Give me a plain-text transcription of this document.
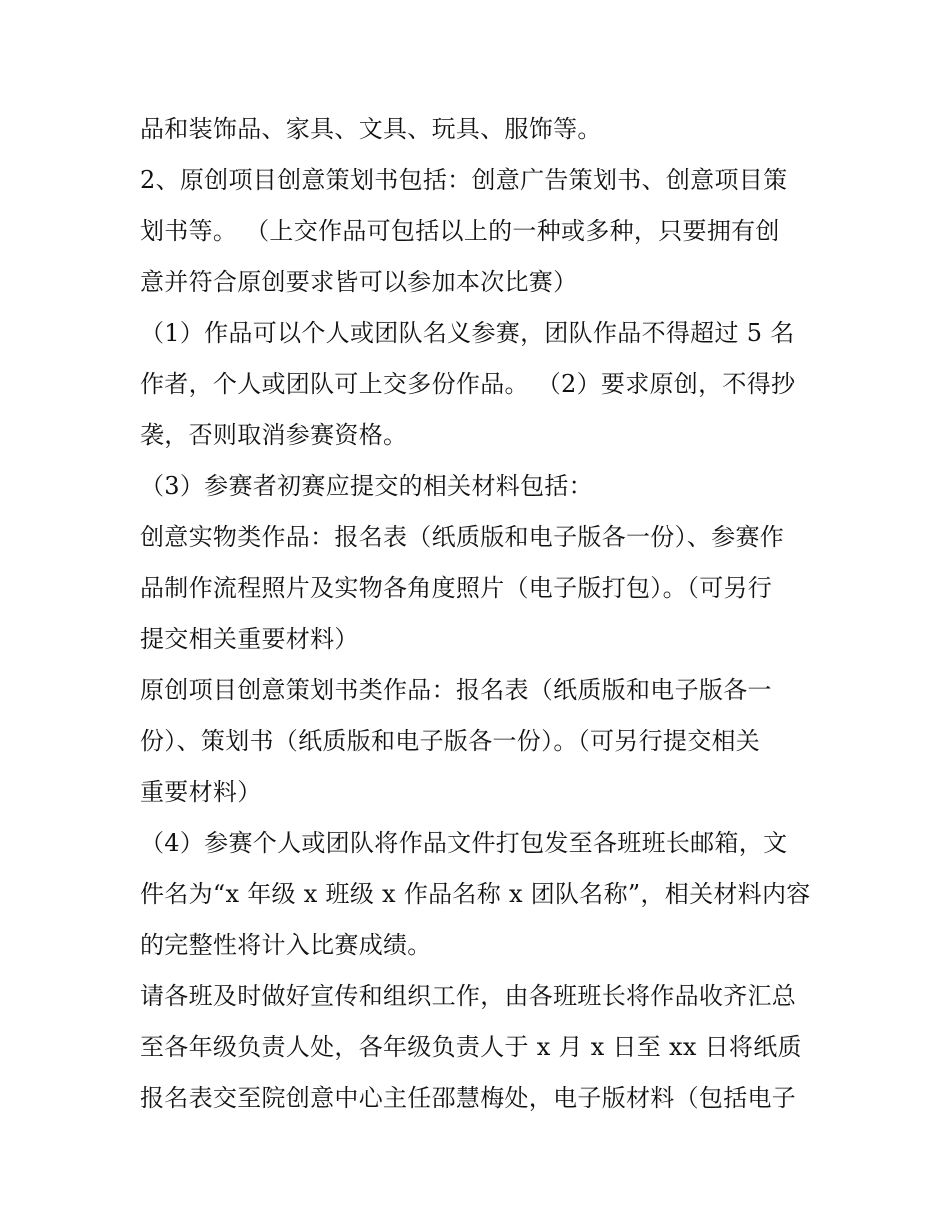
品和装饰品、家具、文具、玩具、服饰等。
2、原创项目创意策划书包括：创意广告策划书、创意项目策
划书等。 （上交作品可包括以上的一种或多种，只要拥有创
意并符合原创要求皆可以参加本次比赛）
（1）作品可以个人或团队名义参赛，团队作品不得超过 5 名
作者，个人或团队可上交多份作品。 （2）要求原创，不得抄
袭，否则取消参赛资格。
（3）参赛者初赛应提交的相关材料包括：
创意实物类作品：报名表（纸质版和电子版各一份）、参赛作
品制作流程照片及实物各角度照片（电子版打包）。（可另行
提交相关重要材料）
原创项目创意策划书类作品：报名表（纸质版和电子版各一
份）、策划书（纸质版和电子版各一份）。（可另行提交相关
重要材料）
（4）参赛个人或团队将作品文件打包发至各班班长邮箱，文
件名为“x 年级 x 班级 x 作品名称 x 团队名称”，相关材料内容
的完整性将计入比赛成绩。
请各班及时做好宣传和组织工作，由各班班长将作品收齐汇总
至各年级负责人处，各年级负责人于 x 月 x 日至 xx 日将纸质
报名表交至院创意中心主任邵慧梅处，电子版材料（包括电子
